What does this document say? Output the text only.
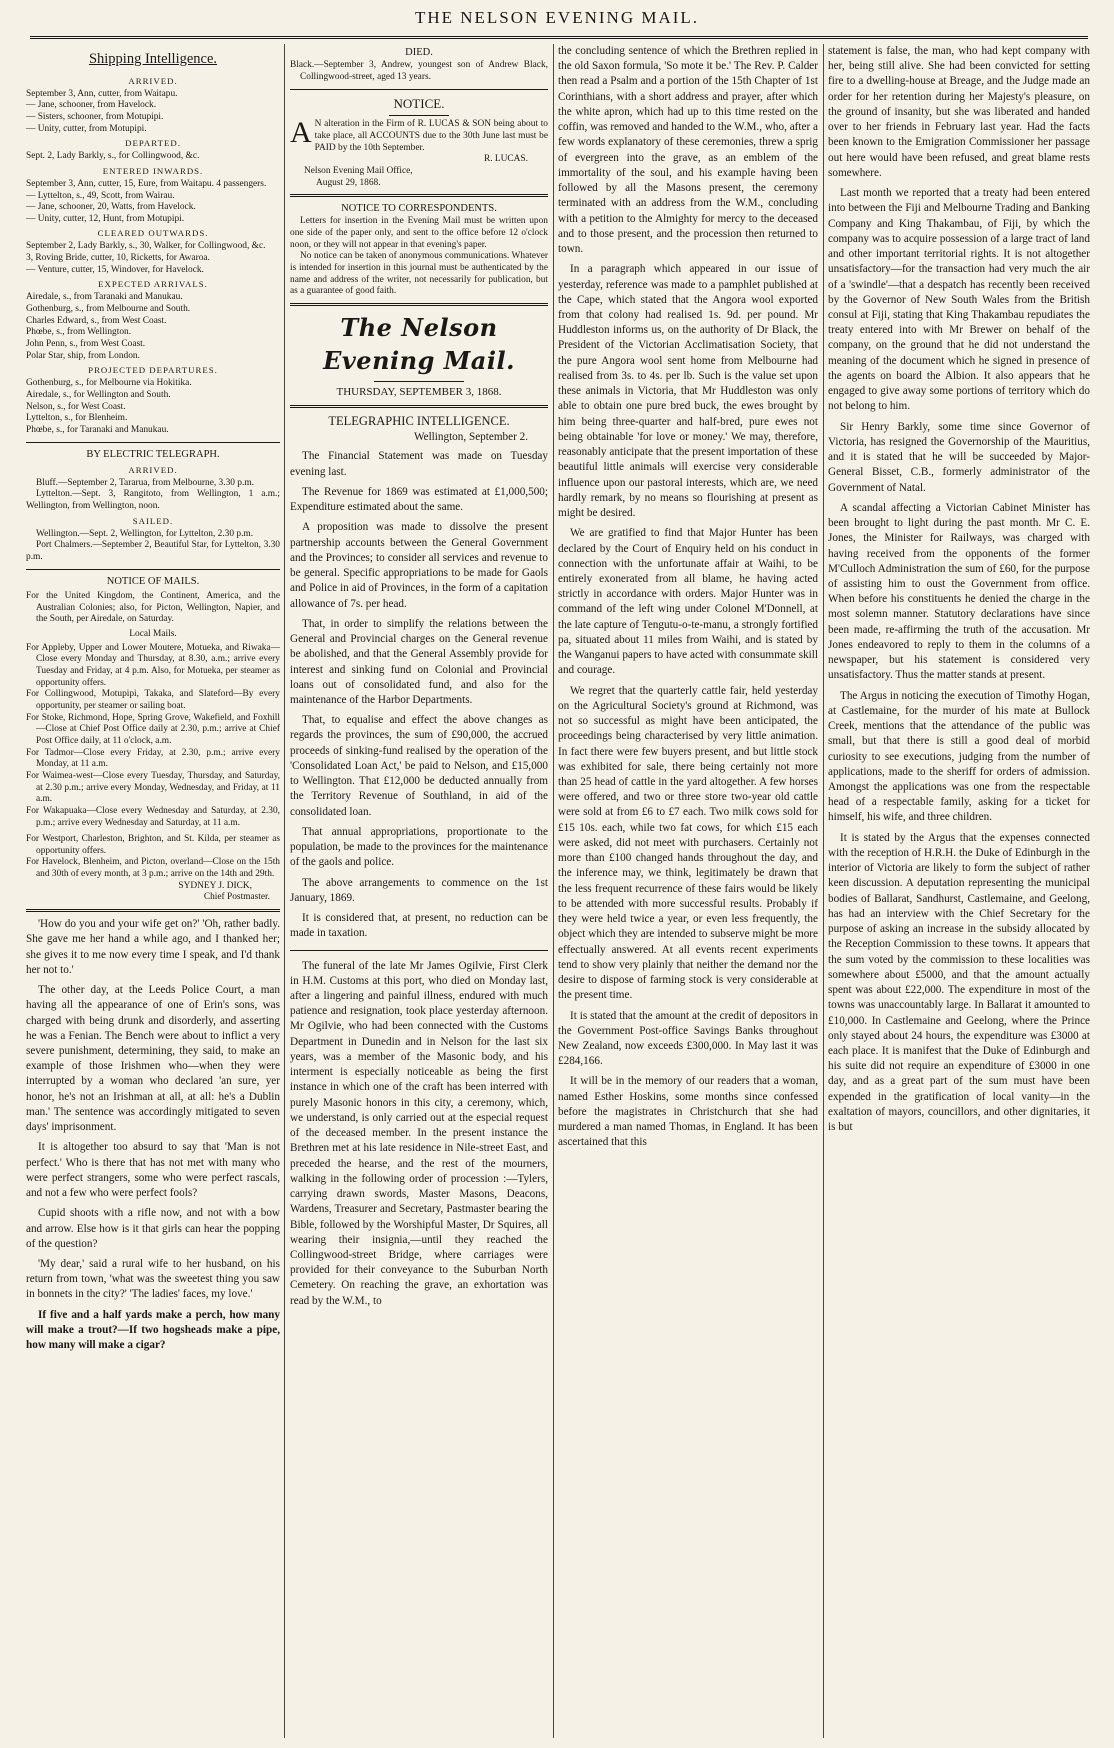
THE NELSON EVENING MAIL.
Shipping Intelligence.
ARRIVED.
September 3, Ann, cutter, from Waitapu.
— Jane, schooner, from Havelock.
— Sisters, schooner, from Motupipi.
— Unity, cutter, from Motupipi.
DEPARTED.
Sept. 2, Lady Barkly, s., for Collingwood, &c.
ENTERED INWARDS.
September 3, Ann, cutter, 15, Eure, from Waitapu. 4 passengers.
— Lyttelton, s., 49, Scott, from Wairau.
— Jane, schooner, 20, Watts, from Havelock.
— Unity, cutter, 12, Hunt, from Motupipi.
CLEARED OUTWARDS.
September 2, Lady Barkly, s., 30, Walker, for Collingwood, &c.
3, Roving Bride, cutter, 10, Ricketts, for Awaroa.
— Venture, cutter, 15, Windover, for Havelock.
EXPECTED ARRIVALS.
Airedale, s., from Taranaki and Manukau.
Gothenburg, s., from Melbourne and South.
Charles Edward, s., from West Coast.
Phœbe, s., from Wellington.
John Penn, s., from West Coast.
Polar Star, ship, from London.
PROJECTED DEPARTURES.
Gothenburg, s., for Melbourne via Hokitika.
Airedale, s., for Wellington and South.
Nelson, s., for West Coast.
Lyttelton, s., for Blenheim.
Phœbe, s., for Taranaki and Manukau.
BY ELECTRIC TELEGRAPH.
ARRIVED.
Bluff.—September 2, Tararua, from Melbourne, 3.30 p.m.
Lyttelton.—Sept. 3, Rangitoto, from Wellington, 1 a.m.; Wellington, from Wellington, noon.
SAILED.
Wellington.—Sept. 2, Wellington, for Lyttelton, 2.30 p.m.
Port Chalmers.—September 2, Beautiful Star, for Lyttelton, 3.30 p.m.
NOTICE OF MAILS.
For the United Kingdom, the Continent, America, and the Australian Colonies; also, for Picton, Wellington, Napier, and the South, per Airedale, on Saturday.
Local Mails.
For Appleby, Upper and Lower Moutere, Motueka, and Riwaka—Close every Monday and Thursday, at 8.30, a.m.; arrive every Tuesday and Friday, at 4 p.m. Also, for Motueka, per steamer as opportunity offers.
For Collingwood, Motupipi, Takaka, and Slateford—By every opportunity, per steamer or sailing boat.
For Stoke, Richmond, Hope, Spring Grove, Wakefield, and Foxhill—Close at Chief Post Office daily at 2.30, p.m.; arrive at Chief Post Office daily, at 11 o'clock, a.m.
For Tadmor—Close every Friday, at 2.30, p.m.; arrive every Monday, at 11 a.m.
For Waimea-west—Close every Tuesday, Thursday, and Saturday, at 2.30 p.m.; arrive every Monday, Wednesday, and Friday, at 11 a.m.
For Wakapuaka—Close every Wednesday and Saturday, at 2.30, p.m.; arrive every Wednesday and Saturday, at 11 a.m.
For Westport, Charleston, Brighton, and St. Kilda, per steamer as opportunity offers.
For Havelock, Blenheim, and Picton, overland—Close on the 15th and 30th of every month, at 3 p.m.; arrive on the 14th and 29th.
SYDNEY J. DICK,
Chief Postmaster.

'How do you and your wife get on?' 'Oh, rather badly. She gave me her hand a while ago, and I thanked her; she gives it to me now every time I speak, and I'd thank her not to.'

The other day, at the Leeds Police Court, a man having all the appearance of one of Erin's sons, was charged with being drunk and disorderly, and asserting he was a Fenian. The Bench were about to inflict a very severe punishment, determining, they said, to make an example of those Irishmen who—when they were interrupted by a woman who declared 'an sure, yer honor, he's not an Irishman at all, at all: he's a Dublin man.' The sentence was accordingly mitigated to seven days' imprisonment.

It is altogether too absurd to say that 'Man is not perfect.' Who is there that has not met with many who were perfect strangers, some who were perfect rascals, and not a few who were perfect fools?

Cupid shoots with a rifle now, and not with a bow and arrow. Else how is it that girls can hear the popping of the question?

'My dear,' said a rural wife to her husband, on his return from town, 'what was the sweetest thing you saw in bonnets in the city?' 'The ladies' faces, my love.'

If five and a half yards make a perch, how many will make a trout?—If two hogsheads make a pipe, how many will make a cigar?

DIED.
Black.—September 3, Andrew, youngest son of Andrew Black, Collingwood-street, aged 13 years.
NOTICE.
A N alteration in the Firm of R. LUCAS & SON being about to take place, all ACCOUNTS due to the 30th June last must be PAID by the 10th September.
R. LUCAS.
Nelson Evening Mail Office,
August 29, 1868.
NOTICE TO CORRESPONDENTS.
Letters for insertion in the Evening Mail must be written upon one side of the paper only, and sent to the office before 12 o'clock noon, or they will not appear in that evening's paper.
No notice can be taken of anonymous communications. Whatever is intended for insertion in this journal must be authenticated by the name and address of the writer, not necessarily for publication, but as a guarantee of good faith.
The Nelson Evening Mail.
THURSDAY, SEPTEMBER 3, 1868.
TELEGRAPHIC INTELLIGENCE.
Wellington, September 2.

The Financial Statement was made on Tuesday evening last.

The Revenue for 1869 was estimated at £1,000,500; Expenditure estimated about the same.

A proposition was made to dissolve the present partnership accounts between the General Government and the Provinces; to consider all services and revenue to be general. Specific appropriations to be made for Gaols and Police in aid of Provinces, in the form of a capitation allowance of 7s. per head.

That, in order to simplify the relations between the General and Provincial charges on the General revenue be abolished, and that the General Assembly provide for interest and sinking fund on Colonial and Provincial loans out of consolidated fund, and also for the maintenance of the Harbor Departments.

That, to equalise and effect the above changes as regards the provinces, the sum of £90,000, the accrued proceeds of sinking-fund realised by the operation of the 'Consolidated Loan Act,' be paid to Nelson, and £15,000 to Wellington. That £12,000 be deducted annually from the Territory Revenue of Southland, in aid of the consolidated loan.

That annual appropriations, proportionate to the population, be made to the provinces for the maintenance of the gaols and police.

The above arrangements to commence on the 1st January, 1869.

It is considered that, at present, no reduction can be made in taxation.

The funeral of the late Mr James Ogilvie, First Clerk in H.M. Customs at this port, who died on Monday last, after a lingering and painful illness, endured with much patience and resignation, took place yesterday afternoon. Mr Ogilvie, who had been connected with the Customs Department in Dunedin and in Nelson for the last six years, was a member of the Masonic body, and his interment is especially noticeable as being the first instance in which one of the craft has been interred with purely Masonic honors in this city, a ceremony, which, we understand, is only carried out at the especial request of the deceased member. In the present instance the Brethren met at his late residence in Nile-street East, and preceded the hearse, and the rest of the mourners, walking in the following order of procession :—Tylers, carrying drawn swords, Master Masons, Deacons, Wardens, Treasurer and Secretary, Pastmaster bearing the Bible, followed by the Worshipful Master, Dr Squires, all wearing their insignia,—until they reached the Collingwood-street Bridge, where carriages were provided for their conveyance to the Suburban North Cemetery. On reaching the grave, an exhortation was read by the W.M., to

the concluding sentence of which the Brethren replied in the old Saxon formula, 'So mote it be.' The Rev. P. Calder then read a Psalm and a portion of the 15th Chapter of 1st Corinthians, with a short address and prayer, after which the white apron, which had up to this time rested on the coffin, was removed and handed to the W.M., who, after a few words explanatory of these ceremonies, threw a sprig of evergreen into the grave, as an emblem of the immortality of the soul, and his example having been followed by all the Masons present, the ceremony terminated with an address from the W.M., concluding with a petition to the Almighty for mercy to the deceased and to those present, and the procession then returned to town.

In a paragraph which appeared in our issue of yesterday, reference was made to a pamphlet published at the Cape, which stated that the Angora wool exported from that colony had realised 1s. 9d. per pound. Mr Huddleston informs us, on the authority of Dr Black, the President of the Victorian Acclimatisation Society, that the pure Angora wool sent home from Melbourne had realised from 3s. to 4s. per lb. Such is the value set upon these animals in Victoria, that Mr Huddleston was only able to obtain one pure bred buck, the ewes brought by him being three-quarter and half-bred, pure ewes not being obtainable 'for love or money.' We may, therefore, reasonably anticipate that the present importation of these beautiful little animals will exercise very considerable influence upon our pastoral interests, which are, we need hardly remark, by no means so flourishing at present as might be desired.

We are gratified to find that Major Hunter has been declared by the Court of Enquiry held on his conduct in connection with the unfortunate affair at Waihi, to be entirely exonerated from all blame, he having acted strictly in accordance with orders. Major Hunter was in command of the left wing under Colonel M'Donnell, at the late capture of Tengutu-o-te-manu, a strongly fortified pa, situated about 11 miles from Waihi, and is stated by the Wanganui papers to have acted with consummate skill and courage.

We regret that the quarterly cattle fair, held yesterday on the Agricultural Society's ground at Richmond, was not so successful as might have been anticipated, the proceedings being characterised by very little animation. In fact there were few buyers present, and but little stock was exhibited for sale, there being certainly not more than 25 head of cattle in the yard altogether. A few horses were offered, and two or three store two-year old cattle were sold at from £6 to £7 each. Two milk cows sold for £15 10s. each, while two fat cows, for which £15 each were asked, did not meet with purchasers. Certainly not more than £100 changed hands throughout the day, and the inference may, we think, legitimately be drawn that the less frequent recurrence of these fairs would be likely to be attended with more successful results. Probably if they were held twice a year, or even less frequently, the object which they are intended to subserve might be more effectually answered. At all events recent experiments tend to show very plainly that neither the demand nor the desire to dispose of farming stock is very considerable at the present time.

It is stated that the amount at the credit of depositors in the Government Post-office Savings Banks throughout New Zealand, now exceeds £300,000. In May last it was £284,166.

It will be in the memory of our readers that a woman, named Esther Hoskins, some months since confessed before the magistrates in Christchurch that she had murdered a man named Thomas, in England. It has been ascertained that this

statement is false, the man, who had kept company with her, being still alive. She had been convicted for setting fire to a dwelling-house at Breage, and the Judge made an order for her retention during her Majesty's pleasure, on the ground of insanity, but she was liberated and handed over to her friends in February last year. Had the facts been known to the Emigration Commissioner her passage out here would have been refused, and great blame rests somewhere.

Last month we reported that a treaty had been entered into between the Fiji and Melbourne Trading and Banking Company and King Thakambau, of Fiji, by which the company was to acquire possession of a large tract of land and other important territorial rights. It is not altogether unsatisfactory—for the transaction had very much the air of a 'swindle'—that a despatch has recently been received by the Governor of New South Wales from the British consul at Fiji, stating that King Thakambau repudiates the treaty entered into with Mr Brewer on behalf of the company, on the ground that he did not understand the meaning of the document which he signed in presence of the agents on board the Albion. It also appears that he engaged to give away some portions of territory which do not belong to him.

Sir Henry Barkly, some time since Governor of Victoria, has resigned the Governorship of the Mauritius, and it is stated that he will be succeeded by Major-General Bisset, C.B., formerly administrator of the Government of Natal.

A scandal affecting a Victorian Cabinet Minister has been brought to light during the past month. Mr C. E. Jones, the Minister for Railways, was charged with having received from the opponents of the former M'Culloch Administration the sum of £60, for the purpose of assisting him to oust the Government from office. When before his constituents he denied the charge in the most solemn manner. Statutory declarations have since been made, re-affirming the truth of the accusation. Mr Jones endeavored to reply to them in the columns of a newspaper, but his statement is considered very unsatisfactory. Thus the matter stands at present.

The Argus in noticing the execution of Timothy Hogan, at Castlemaine, for the murder of his mate at Bullock Creek, mentions that the attendance of the public was small, but that there is still a good deal of morbid curiosity to see executions, judging from the number of applications, made to the sheriff for orders of admission. Amongst the applications was one from the respectable head of a respectable family, asking for a ticket for himself, his wife, and three children.

It is stated by the Argus that the expenses connected with the reception of H.R.H. the Duke of Edinburgh in the interior of Victoria are likely to form the subject of rather keen discussion. A deputation representing the municipal bodies of Ballarat, Sandhurst, Castlemaine, and Geelong, has had an interview with the Chief Secretary for the purpose of asking an increase in the subsidy allocated by the Reception Commission to these towns. It appears that the sum voted by the commission to these localities was somewhere about £5000, and that the amount actually spent was about £22,000. The expenditure in most of the towns was unaccountably large. In Ballarat it amounted to £10,000. In Castlemaine and Geelong, where the Prince only stayed about 24 hours, the expenditure was £3000 at each place. It is manifest that the Duke of Edinburgh and his suite did not require an expenditure of £3000 in one day, and as a great part of the sum must have been expended in the gratification of local vanity—in the exaltation of mayors, councillors, and other dignitaries, it is but
